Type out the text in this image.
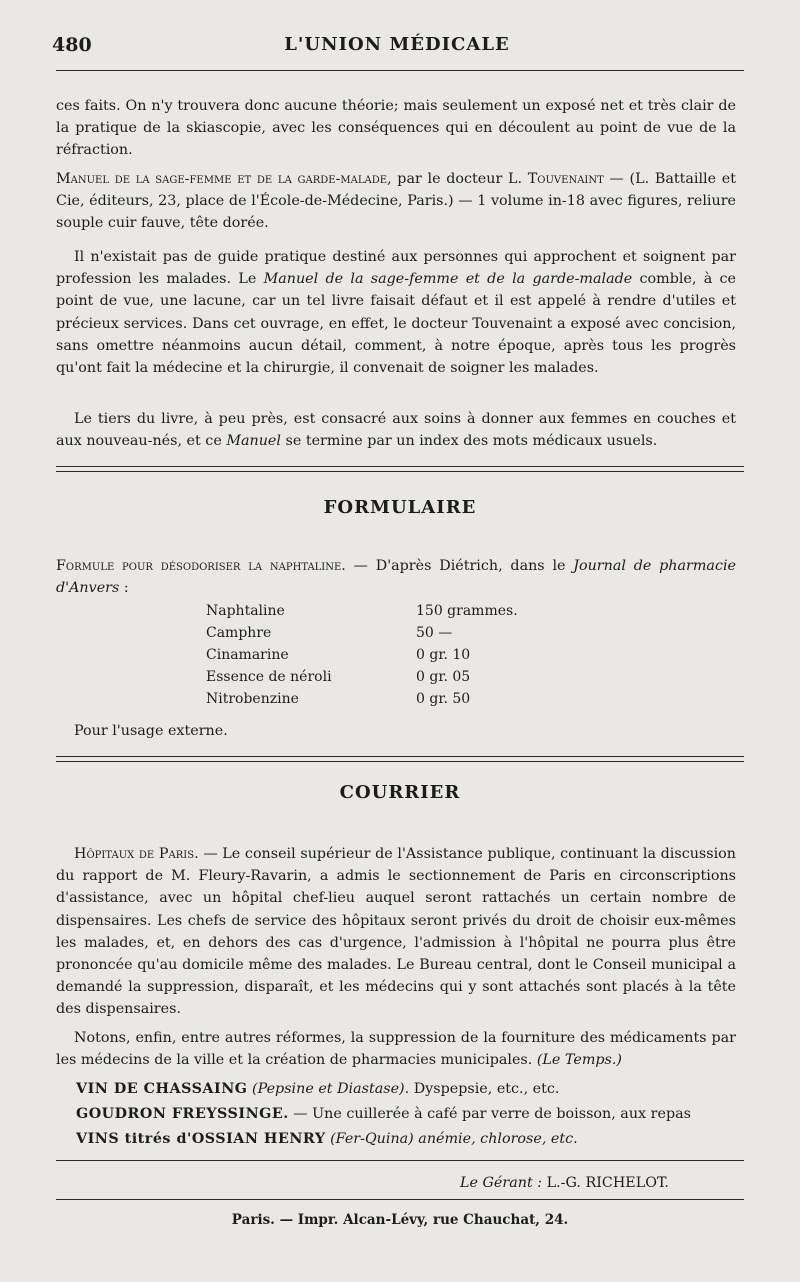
480	L'UNION MÉDICALE
ces faits. On n'y trouvera donc aucune théorie; mais seulement un exposé net et très clair de la pratique de la skiascopie, avec les conséquences qui en découlent au point de vue de la réfraction.
Manuel de la sage-femme et de la garde-malade, par le docteur L. Touvenaint — (L. Battaille et Cie, éditeurs, 23, place de l'École-de-Médecine, Paris.) — 1 volume in-18 avec figures, reliure souple cuir fauve, tête dorée.
Il n'existait pas de guide pratique destiné aux personnes qui approchent et soignent par profession les malades. Le Manuel de la sage-femme et de la garde-malade comble, à ce point de vue, une lacune, car un tel livre faisait défaut et il est appelé à rendre d'utiles et précieux services. Dans cet ouvrage, en effet, le docteur Touvenaint a exposé avec concision, sans omettre néanmoins aucun détail, comment, à notre époque, après tous les progrès qu'ont fait la médecine et la chirurgie, il convenait de soigner les malades.
Le tiers du livre, à peu près, est consacré aux soins à donner aux femmes en couches et aux nouveau-nés, et ce Manuel se termine par un index des mots médicaux usuels.
FORMULAIRE
Formule pour désodoriser la naphtaline. — D'après Diétrich, dans le Journal de pharmacie d'Anvers :
Naphtaline	150 grammes.
Camphre	50 —
Cinamarine	0 gr. 10
Essence de néroli	0 gr. 05
Nitrobenzine	0 gr. 50
Pour l'usage externe.
COURRIER
Hôpitaux de Paris. — Le conseil supérieur de l'Assistance publique, continuant la discussion du rapport de M. Fleury-Ravarin, a admis le sectionnement de Paris en circonscriptions d'assistance, avec un hôpital chef-lieu auquel seront rattachés un certain nombre de dispensaires. Les chefs de service des hôpitaux seront privés du droit de choisir eux-mêmes les malades, et, en dehors des cas d'urgence, l'admission à l'hôpital ne pourra plus être prononcée qu'au domicile même des malades. Le Bureau central, dont le Conseil municipal a demandé la suppression, disparaît, et les médecins qui y sont attachés sont placés à la tête des dispensaires.
Notons, enfin, entre autres réformes, la suppression de la fourniture des médicaments par les médecins de la ville et la création de pharmacies municipales. (Le Temps.)
VIN DE CHASSAING (Pepsine et Diastase). Dyspepsie, etc., etc.
GOUDRON FREYSSINGE. — Une cuillerée à café par verre de boisson, aux repas
VINS titrés d'OSSIAN HENRY (Fer-Quina) anémie, chlorose, etc.
Le Gérant : L.-G. RICHELOT.
Paris. — Impr. Alcan-Lévy, rue Chauchat, 24.
